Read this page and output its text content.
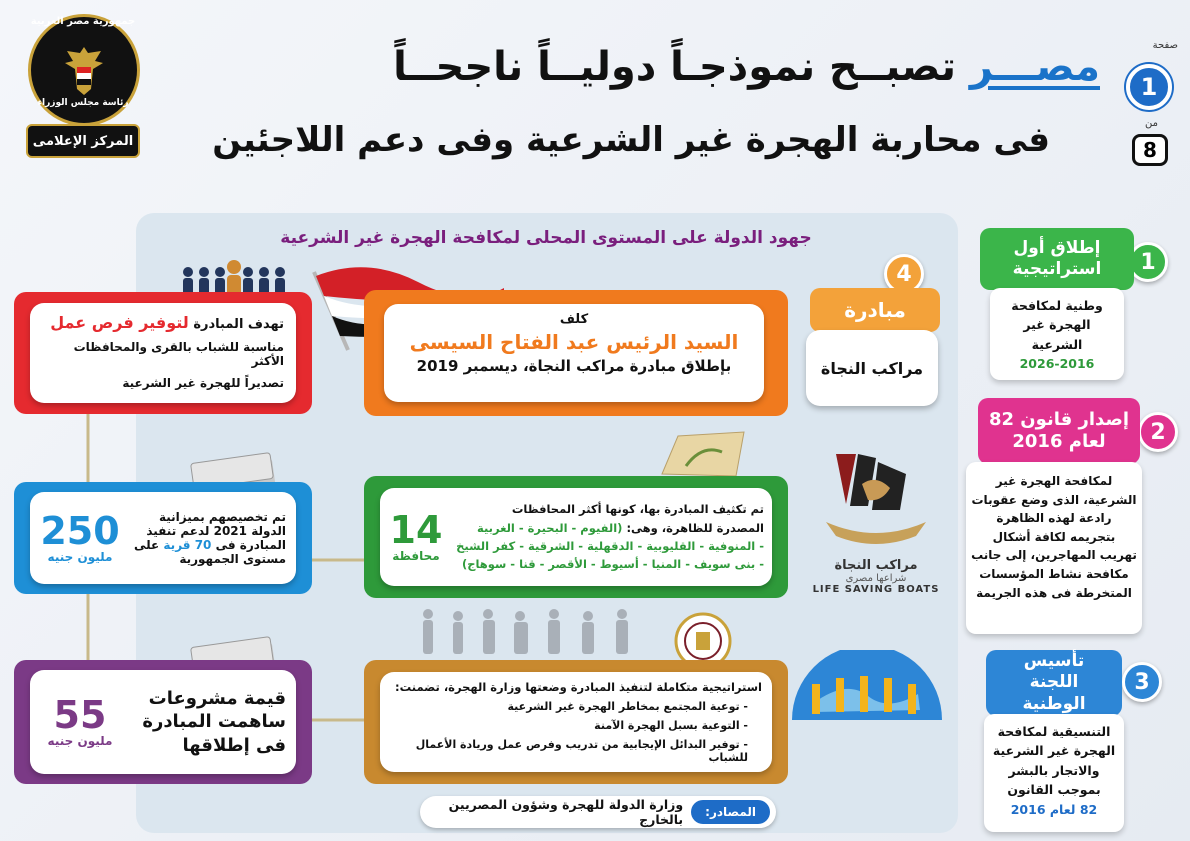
جمهورية مصر العربية
رئاسة مجلس الوزراء
المركز الإعلامى
مصـــر تصبــح نموذجـاً دوليــاً ناجحــاً
فى محاربة الهجرة غير الشرعية وفى دعم اللاجئين
صفحة
1
من
8
جهود الدولة على المستوى المحلى لمكافحة الهجرة غير الشرعية
تهدف المبادرة لتوفير فرص عمل
مناسبة للشباب بالقرى والمحافظات الأكثر
تصديراً للهجرة غير الشرعية
كلف
السيد الرئيس عبد الفتاح السيسى
بإطلاق مبادرة مراكب النجاة، ديسمبر 2019
4
مبادرة
مراكب النجاة
مراكب النجاة
شراعها مصرى
LIFE SAVING BOATS
تم تخصيصهم بميزانية
الدولة 2021 لدعم تنفيذ
المبادرة فى 70 قرية على
مستوى الجمهورية
250
مليون جنيه
تم تكثيف المبادرة بها، كونها أكثر المحافظات
المصدرة للظاهرة، وهى: (الفيوم - البحيرة - الغربية
- المنوفية - القليوبية - الدقهلية - الشرقية - كفر الشيخ
- بنى سويف - المنيا - أسيوط - الأقصر - قنا - سوهاج)
14
محافظة
قيمة مشروعات
ساهمت المبادرة
فى إطلاقها
55
مليون جنيه
استراتيجية متكاملة لتنفيذ المبادرة وضعتها وزارة الهجرة، تضمنت:
- توعية المجتمع بمخاطر الهجرة غير الشرعية
- التوعية بسبل الهجرة الآمنة
- توفير البدائل الإيجابية من تدريب وفرص عمل وريادة الأعمال للشباب
المصادر:
وزارة الدولة للهجرة وشؤون المصريين بالخارج
1
إطلاق أول استراتيجية
وطنية لمكافحة
الهجرة غير
الشرعية
2026-2016
2
إصدار قانون 82 لعام 2016
لمكافحة الهجرة غير
الشرعية، الذى وضع عقوبات
رادعة لهذه الظاهرة
بتجريمه لكافة أشكال
تهريب المهاجرين، إلى جانب
مكافحة نشاط المؤسسات
المتخرطة فى هذه الجريمة
3
تأسيس اللجنة الوطنية
التنسيقية لمكافحة
الهجرة غير الشرعية
والاتجار بالبشر
بموجب القانون
82 لعام 2016
